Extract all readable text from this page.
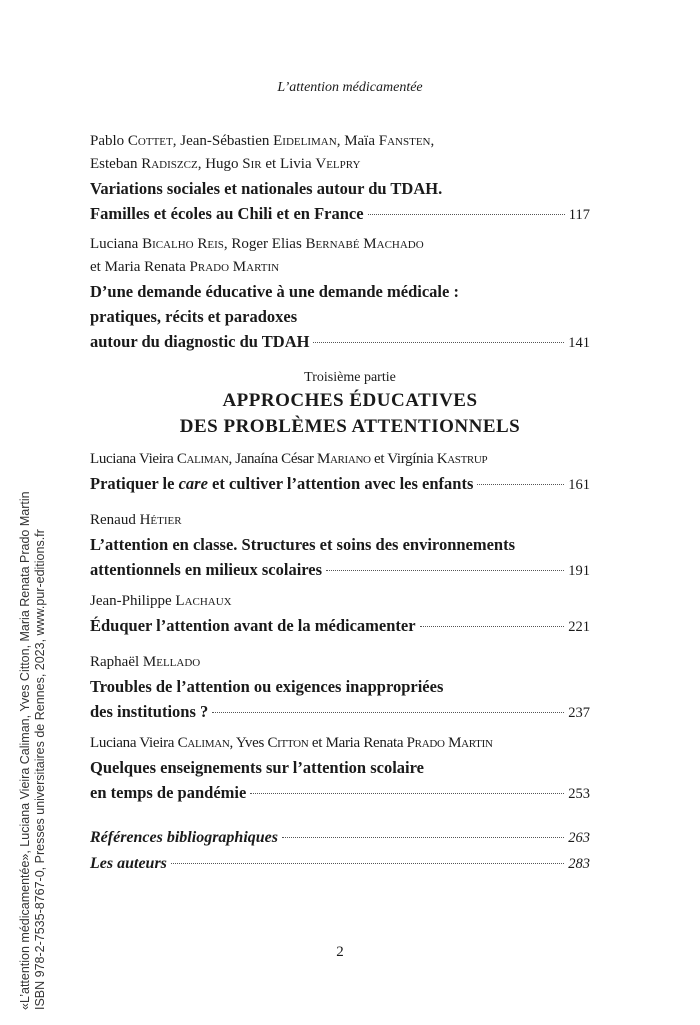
L’attention médicamentée
Pablo Cottet, Jean-Sébastien Eideliman, Maïa Fansten,
Esteban Radiszcz, Hugo Sir et Livia Velpry
Variations sociales et nationales autour du TDAH.
Familles et écoles au Chili et en France	117
Luciana Bicalho Reis, Roger Elias Bernabé Machado
et Maria Renata Prado Martin
D’une demande éducative à une demande médicale :
pratiques, récits et paradoxes
autour du diagnostic du TDAH	141
Troisième partie
APPROCHES ÉDUCATIVES
DES PROBLÈMES ATTENTIONNELS
Luciana Vieira Caliman, Janaína César Mariano et Virgínia Kastrup
Pratiquer le care et cultiver l’attention avec les enfants	161
Renaud Hétier
L’attention en classe. Structures et soins des environnements
attentionnels en milieux scolaires	191
Jean-Philippe Lachaux
Éduquer l’attention avant de la médicamenter	221
Raphaël Mellado
Troubles de l’attention ou exigences inappropriées
des institutions ?	237
Luciana Vieira Caliman, Yves Citton et Maria Renata Prado Martin
Quelques enseignements sur l’attention scolaire
en temps de pandémie	253
Références bibliographiques	263
Les auteurs	283
2
«L’attention médicamentée», Luciana Vieira Caliman, Yves Citton, Maria Renata Prado Martin ISBN 978-2-7535-8767-0, Presses universitaires de Rennes, 2023, www.pur-editions.fr
